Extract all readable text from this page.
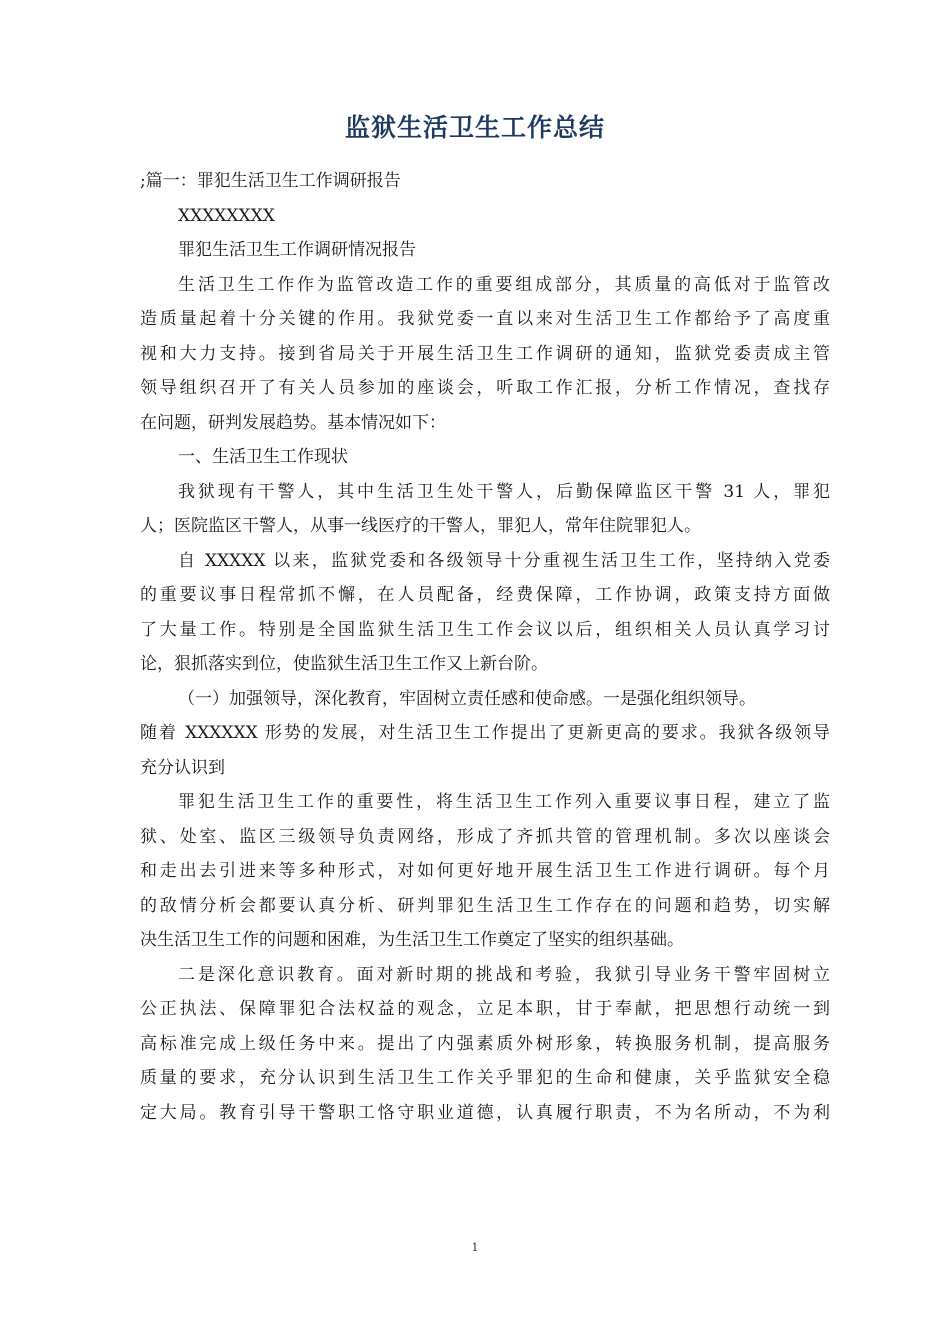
监狱生活卫生工作总结
;篇一：罪犯生活卫生工作调研报告
XXXXXXXX
罪犯生活卫生工作调研情况报告
生活卫生工作作为监管改造工作的重要组成部分，其质量的高低对于监管改
造质量起着十分关键的作用。我狱党委一直以来对生活卫生工作都给予了高度重
视和大力支持。接到省局关于开展生活卫生工作调研的通知，监狱党委责成主管
领导组织召开了有关人员参加的座谈会，听取工作汇报，分析工作情况，查找存
在问题，研判发展趋势。基本情况如下：
一、生活卫生工作现状
我狱现有干警人，其中生活卫生处干警人，后勤保障监区干警 31 人，罪犯
人；医院监区干警人，从事一线医疗的干警人，罪犯人，常年住院罪犯人。
自 XXXXX 以来，监狱党委和各级领导十分重视生活卫生工作，坚持纳入党委
的重要议事日程常抓不懈，在人员配备，经费保障，工作协调，政策支持方面做
了大量工作。特别是全国监狱生活卫生工作会议以后，组织相关人员认真学习讨
论，狠抓落实到位，使监狱生活卫生工作又上新台阶。
（一）加强领导，深化教育，牢固树立责任感和使命感。一是强化组织领导。
随着 XXXXXX 形势的发展，对生活卫生工作提出了更新更高的要求。我狱各级领导
充分认识到
罪犯生活卫生工作的重要性，将生活卫生工作列入重要议事日程，建立了监
狱、处室、监区三级领导负责网络，形成了齐抓共管的管理机制。多次以座谈会
和走出去引进来等多种形式，对如何更好地开展生活卫生工作进行调研。每个月
的敌情分析会都要认真分析、研判罪犯生活卫生工作存在的问题和趋势，切实解
决生活卫生工作的问题和困难，为生活卫生工作奠定了坚实的组织基础。
二是深化意识教育。面对新时期的挑战和考验，我狱引导业务干警牢固树立
公正执法、保障罪犯合法权益的观念，立足本职，甘于奉献，把思想行动统一到
高标准完成上级任务中来。提出了内强素质外树形象，转换服务机制，提高服务
质量的要求，充分认识到生活卫生工作关乎罪犯的生命和健康，关乎监狱安全稳
定大局。教育引导干警职工恪守职业道德，认真履行职责，不为名所动，不为利
1
